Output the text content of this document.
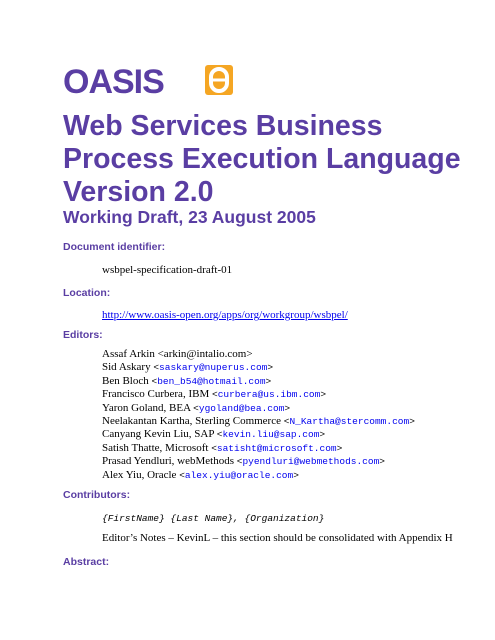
OASIS
Web Services Business
Process Execution Language
Version 2.0
Working Draft, 23 August 2005
Document identifier:
wsbpel-specification-draft-01
Location:
http://www.oasis-open.org/apps/org/workgroup/wsbpel/
Editors:
Assaf Arkin <arkin@intalio.com>
Sid Askary <saskary@nuperus.com>
Ben Bloch <ben_b54@hotmail.com>
Francisco Curbera, IBM <curbera@us.ibm.com>
Yaron Goland, BEA <ygoland@bea.com>
Neelakantan Kartha, Sterling Commerce <N_Kartha@stercomm.com>
Canyang Kevin Liu, SAP <kevin.liu@sap.com>
Satish Thatte, Microsoft <satisht@microsoft.com>
Prasad Yendluri, webMethods <pyendluri@webmethods.com>
Alex Yiu, Oracle <alex.yiu@oracle.com>
Contributors:
{FirstName} {Last Name}, {Organization}
Editor’s Notes – KevinL – this section should be consolidated with Appendix H
Abstract:
